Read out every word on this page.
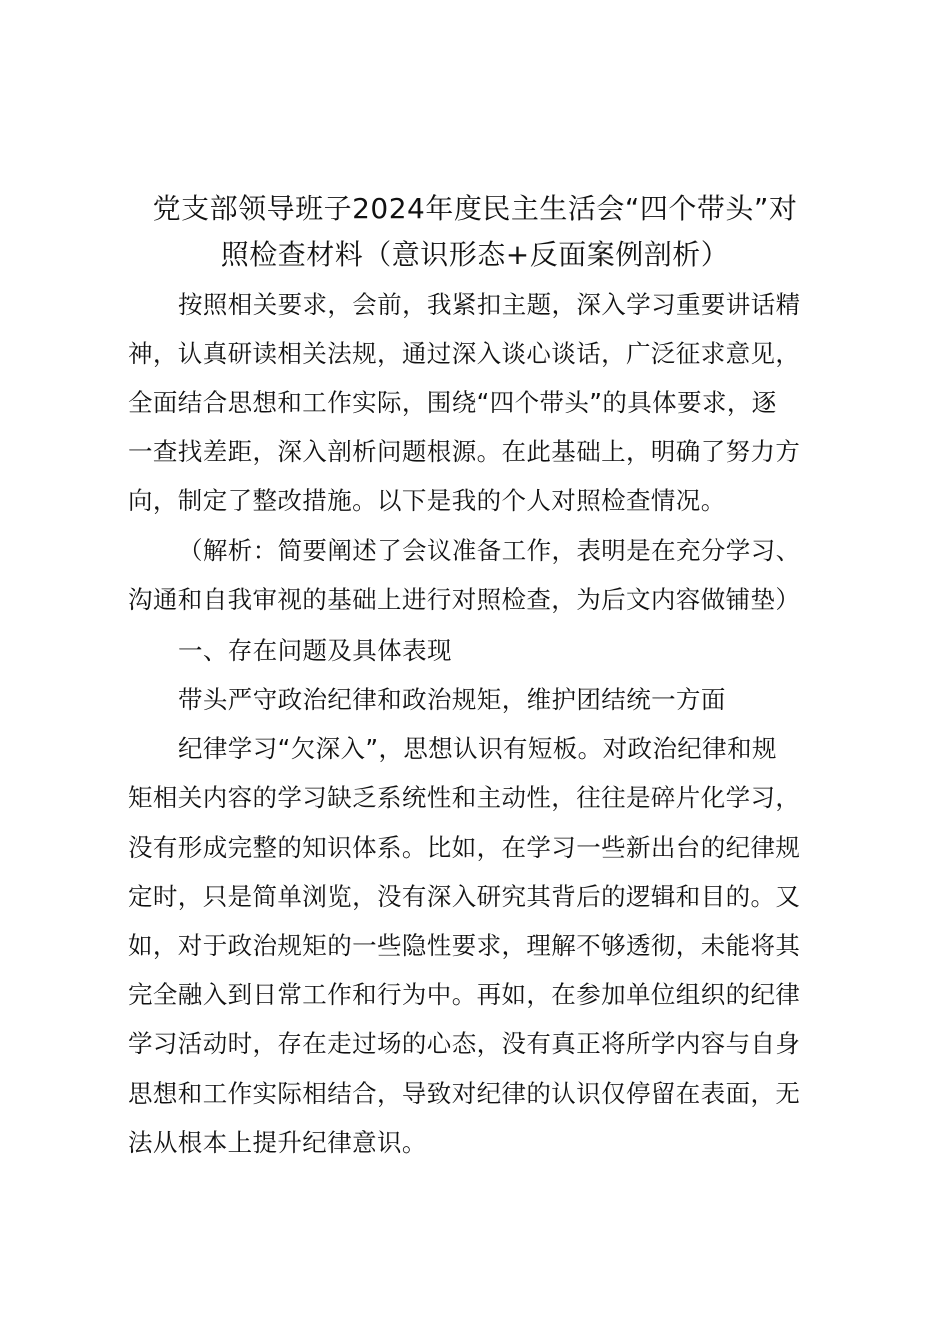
党支部领导班子2024年度民主生活会“四个带头”对
照检查材料（意识形态+反面案例剖析）
按照相关要求，会前，我紧扣主题，深入学习重要讲话精
神，认真研读相关法规，通过深入谈心谈话，广泛征求意见，
全面结合思想和工作实际，围绕“四个带头”的具体要求，逐
一查找差距，深入剖析问题根源。在此基础上，明确了努力方
向，制定了整改措施。以下是我的个人对照检查情况。
（解析：简要阐述了会议准备工作，表明是在充分学习、
沟通和自我审视的基础上进行对照检查，为后文内容做铺垫）
一、存在问题及具体表现
带头严守政治纪律和政治规矩，维护团结统一方面
纪律学习“欠深入”，思想认识有短板。对政治纪律和规
矩相关内容的学习缺乏系统性和主动性，往往是碎片化学习，
没有形成完整的知识体系。比如，在学习一些新出台的纪律规
定时，只是简单浏览，没有深入研究其背后的逻辑和目的。又
如，对于政治规矩的一些隐性要求，理解不够透彻，未能将其
完全融入到日常工作和行为中。再如，在参加单位组织的纪律
学习活动时，存在走过场的心态，没有真正将所学内容与自身
思想和工作实际相结合，导致对纪律的认识仅停留在表面，无
法从根本上提升纪律意识。
